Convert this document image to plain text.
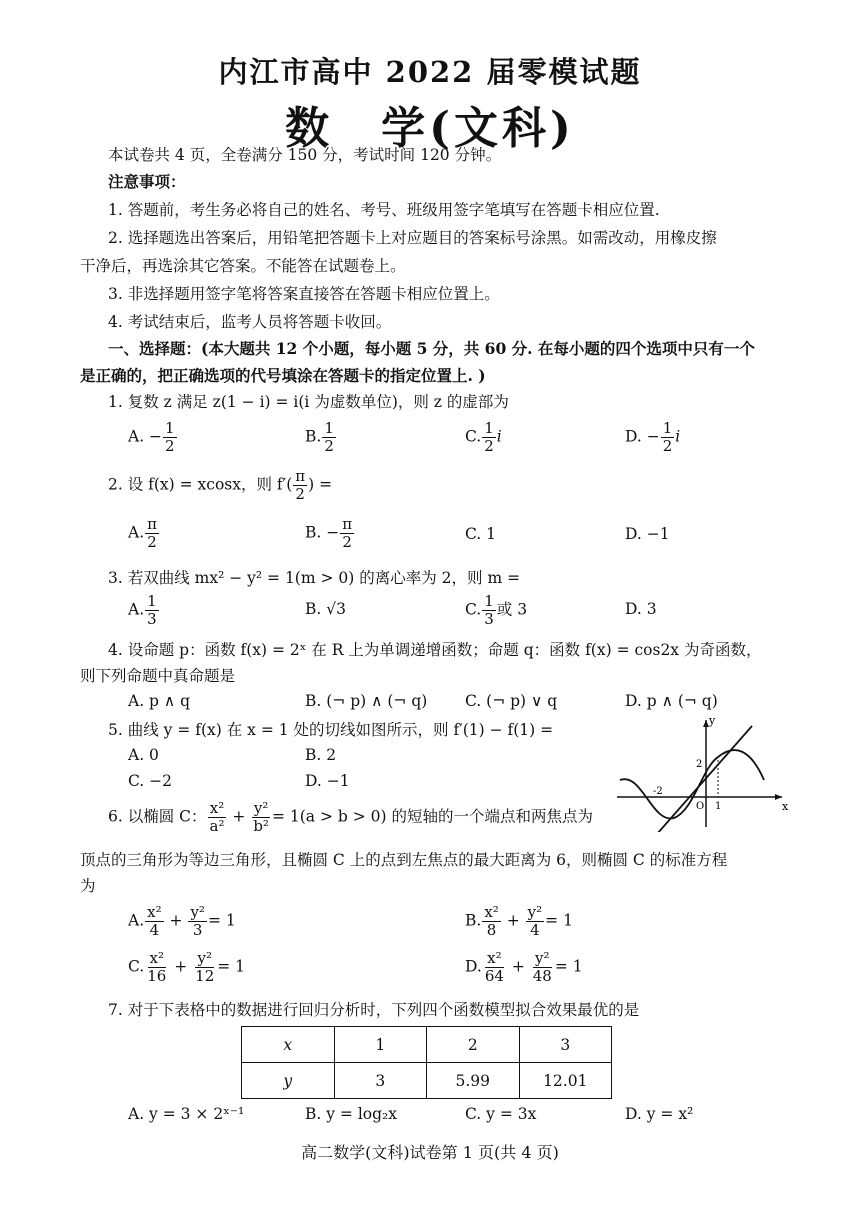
内江市高中 2022 届零模试题
数　学(文科)
本试卷共 4 页，全卷满分 150 分，考试时间 120 分钟。
注意事项：
1. 答题前，考生务必将自己的姓名、考号、班级用签字笔填写在答题卡相应位置.
2. 选择题选出答案后，用铅笔把答题卡上对应题目的答案标号涂黑。如需改动，用橡皮擦
干净后，再选涂其它答案。不能答在试题卷上。
3. 非选择题用签字笔将答案直接答在答题卡相应位置上。
4. 考试结束后，监考人员将答题卡收回。
一、选择题：(本大题共 12 个小题，每小题 5 分，共 60 分. 在每小题的四个选项中只有一个
是正确的，把正确选项的代号填涂在答题卡的指定位置上. )
1. 复数 z 满足 z(1 − i) = i(i 为虚数单位)，则 z 的虚部为
A. − $\frac{1}{2}$	B. $\frac{1}{2}$	C. $\frac{1}{2}$ i	D. − $\frac{1}{2}$ i
2. 设 f(x) = xcosx，则 $f'( \frac{\pi}{2}$ ) =
A. $\frac{\pi}{2}$	B. − $\frac{\pi}{2}$	C. 1	D. −1
3. 若双曲线 mx² − y² = 1(m > 0) 的离心率为 2，则 m =
A. $\frac{1}{3}$	B. √3	C. $\frac{1}{3}$ 或 3	D. 3
4. 设命题 p：函数 f(x) = 2ˣ 在 R 上为单调递增函数；命题 q：函数 f(x) = cos2x 为奇函数，
则下列命题中真命题是
A. p ∧ q	B. (¬ p) ∧ (¬ q) C. (¬ p) ∨ q	D. p ∧ (¬ q)
5. 曲线 y = f(x) 在 x = 1 处的切线如图所示，则 f′(1) − f(1) =
A. 0	B. 2
C. −2	D. −1
y
x
O 1
2
-2
6. 以椭圆 C： $\frac{\text{x²}}{\text{a²}} + \frac{\text{y²}}{\text{b²}} = 1(a > b > 0)$ 的短轴的一个端点和两焦点为
顶点的三角形为等边三角形，且椭圆 C 上的点到左焦点的最大距离为 6，则椭圆 C 的标准方程
为
A. $\frac{\text{x²}}{4} + \frac{\text{y²}}{3} = 1$	B. $\frac{\text{x²}}{8} + \frac{\text{y²}}{4} = 1$
C. $\frac{\text{x²}}{16} + \frac{\text{y²}}{12} = 1$	D. $\frac{\text{x²}}{64} + \frac{\text{y²}}{48} = 1$
7. 对于下表格中的数据进行回归分析时，下列四个函数模型拟合效果最优的是
x	1	2	3
y	3	5.99	12.01
A. y = 3 × 2ˣ⁻¹	B. y = log₂x	C. y = 3x	D. y = x²
高二数学(文科)试卷第 1 页(共 4 页)
